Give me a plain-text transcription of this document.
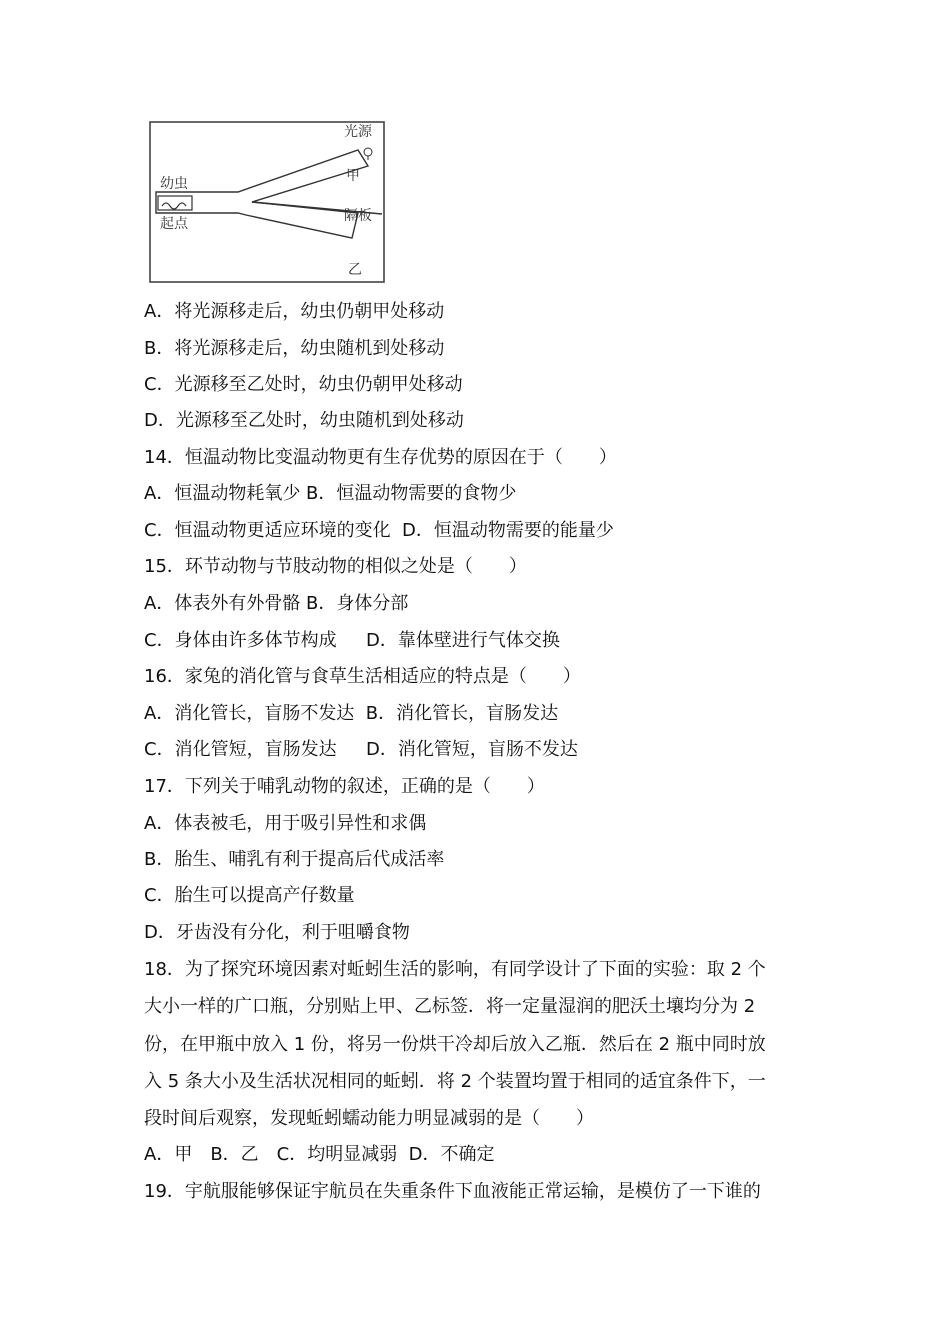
光源
甲
幼虫
起点	隔板
乙
A．将光源移走后，幼虫仍朝甲处移动
B．将光源移走后，幼虫随机到处移动
C．光源移至乙处时，幼虫仍朝甲处移动
D．光源移至乙处时，幼虫随机到处移动
14．恒温动物比变温动物更有生存优势的原因在于（　　）
A．恒温动物耗氧少 B．恒温动物需要的食物少
C．恒温动物更适应环境的变化  D．恒温动物需要的能量少
15．环节动物与节肢动物的相似之处是（　　）
A．体表外有外骨骼 B．身体分部
C．身体由许多体节构成　  D．靠体壁进行气体交换
16．家兔的消化管与食草生活相适应的特点是（　　）
A．消化管长，盲肠不发达  B．消化管长，盲肠发达
C．消化管短，盲肠发达　  D．消化管短，盲肠不发达
17．下列关于哺乳动物的叙述，正确的是（　　）
A．体表被毛，用于吸引异性和求偶
B．胎生、哺乳有利于提高后代成活率
C．胎生可以提高产仔数量
D．牙齿没有分化，利于咀嚼食物
18．为了探究环境因素对蚯蚓生活的影响，有同学设计了下面的实验：取 2 个
大小一样的广口瓶，分别贴上甲、乙标签．将一定量湿润的肥沃土壤均分为 2
份，在甲瓶中放入 1 份，将另一份烘干冷却后放入乙瓶．然后在 2 瓶中同时放
入 5 条大小及生活状况相同的蚯蚓．将 2 个装置均置于相同的适宜条件下，一
段时间后观察，发现蚯蚓蠕动能力明显减弱的是（　　）
A．甲　B．乙　C．均明显减弱  D．不确定
19．宇航服能够保证宇航员在失重条件下血液能正常运输，是模仿了一下谁的
